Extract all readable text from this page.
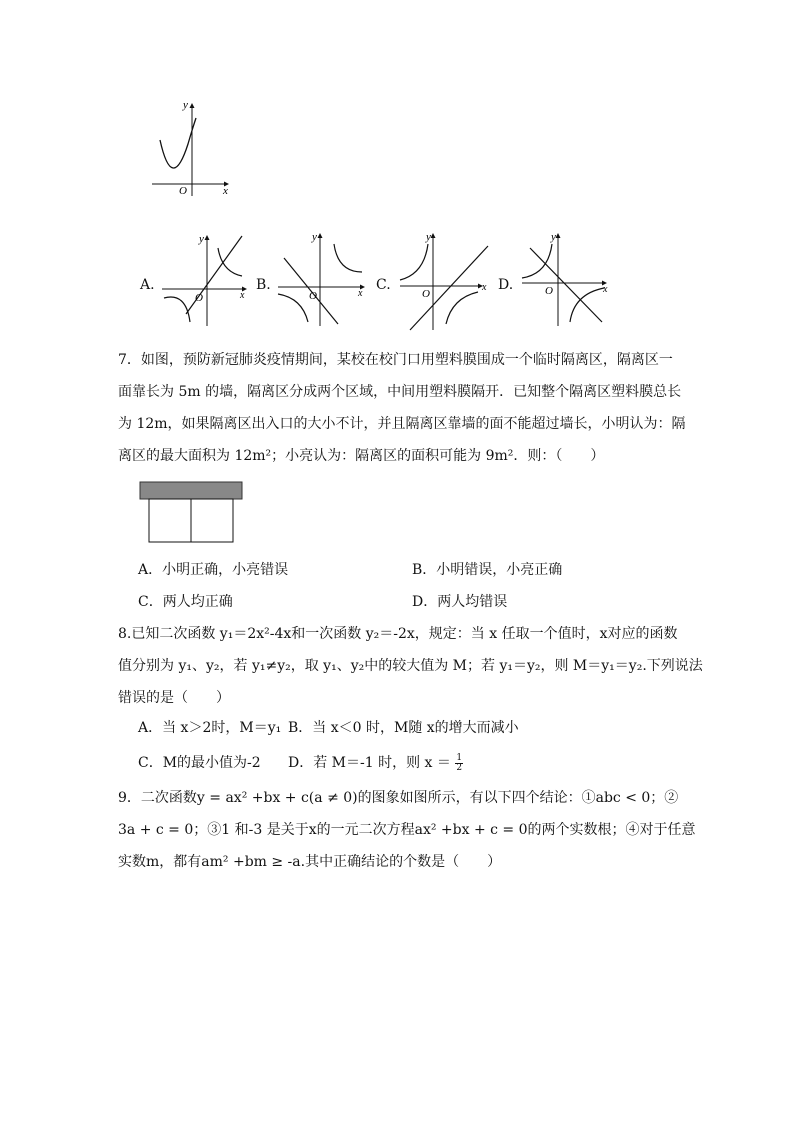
y
x
O
A.
y
x
O
B.
y
x
O
C.
y
x
O
D.
y
x
O
7．如图，预防新冠肺炎疫情期间，某校在校门口用塑料膜围成一个临时隔离区，隔离区一
面靠长为 5m 的墙，隔离区分成两个区域，中间用塑料膜隔开．已知整个隔离区塑料膜总长
为 12m，如果隔离区出入口的大小不计，并且隔离区靠墙的面不能超过墙长，小明认为：隔
离区的最大面积为 12m²；小亮认为：隔离区的面积可能为 9m²．则：（　　）
A．小明正确，小亮错误	B．小明错误，小亮正确
C．两人均正确	D．两人均错误
8.已知二次函数 y₁＝2x²-4x和一次函数 y₂＝-2x，规定：当 x 任取一个值时，x对应的函数
值分别为 y₁、y₂，若 y₁≠y₂，取 y₁、y₂中的较大值为 M；若 y₁＝y₂，则 M＝y₁＝y₂.下列说法
错误的是（　　）
A．当 x＞2时，M＝y₁ B．当 x＜0 时，M随 x的增大而减小
C．M的最小值为-2 D．若 M＝-1 时，则 $x = \frac{1}{2}$
9．二次函数y = ax² +bx + c(a ≠ 0)的图象如图所示，有以下四个结论：①abc < 0；②
3a + c = 0；③1 和-3 是关于x的一元二次方程ax² +bx + c = 0的两个实数根；④对于任意
实数m，都有am² +bm ≥ -a.其中正确结论的个数是（　　）
